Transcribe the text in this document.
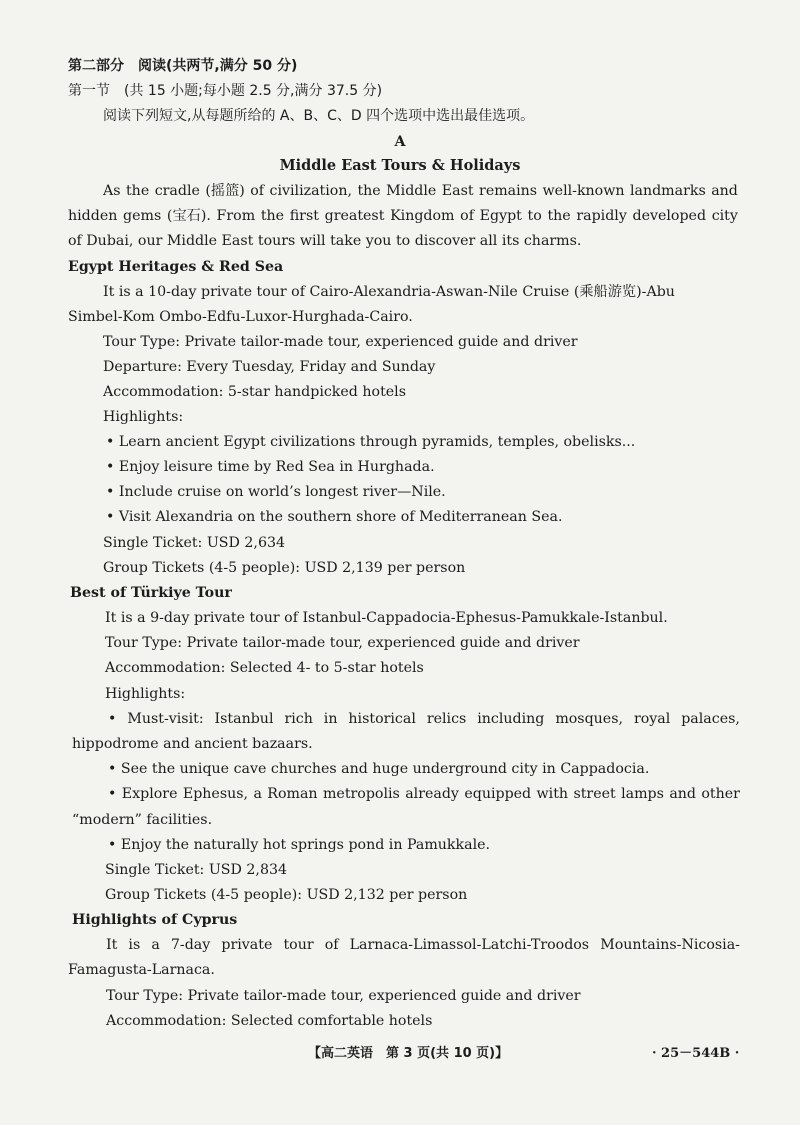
第二部分　阅读(共两节,满分 50 分)
第一节　(共 15 小题;每小题 2.5 分,满分 37.5 分)
阅读下列短文,从每题所给的 A、B、C、D 四个选项中选出最佳选项。
A
Middle East Tours & Holidays
As the cradle (摇篮) of civilization, the Middle East remains well-known landmarks and
hidden gems (宝石). From the first greatest Kingdom of Egypt to the rapidly developed city
of Dubai, our Middle East tours will take you to discover all its charms.
Egypt Heritages & Red Sea
It is a 10-day private tour of Cairo-Alexandria-Aswan-Nile Cruise (乘船游览)-Abu
Simbel-Kom Ombo-Edfu-Luxor-Hurghada-Cairo.
Tour Type: Private tailor-made tour, experienced guide and driver
Departure: Every Tuesday, Friday and Sunday
Accommodation: 5-star handpicked hotels
Highlights:
• Learn ancient Egypt civilizations through pyramids, temples, obelisks...
• Enjoy leisure time by Red Sea in Hurghada.
• Include cruise on world’s longest river—Nile.
• Visit Alexandria on the southern shore of Mediterranean Sea.
Single Ticket: USD 2,634
Group Tickets (4-5 people): USD 2,139 per person
Best of Türkiye Tour
It is a 9-day private tour of Istanbul-Cappadocia-Ephesus-Pamukkale-Istanbul.
Tour Type: Private tailor-made tour, experienced guide and driver
Accommodation: Selected 4- to 5-star hotels
Highlights:
• Must-visit: Istanbul rich in historical relics including mosques, royal palaces,
hippodrome and ancient bazaars.
• See the unique cave churches and huge underground city in Cappadocia.
• Explore Ephesus, a Roman metropolis already equipped with street lamps and other
“modern” facilities.
• Enjoy the naturally hot springs pond in Pamukkale.
Single Ticket: USD 2,834
Group Tickets (4-5 people): USD 2,132 per person
Highlights of Cyprus
It is a 7-day private tour of Larnaca-Limassol-Latchi-Troodos Mountains-Nicosia-
Famagusta-Larnaca.
Tour Type: Private tailor-made tour, experienced guide and driver
Accommodation: Selected comfortable hotels
【高二英语　第 3 页(共 10 页)】	· 25－544B ·
